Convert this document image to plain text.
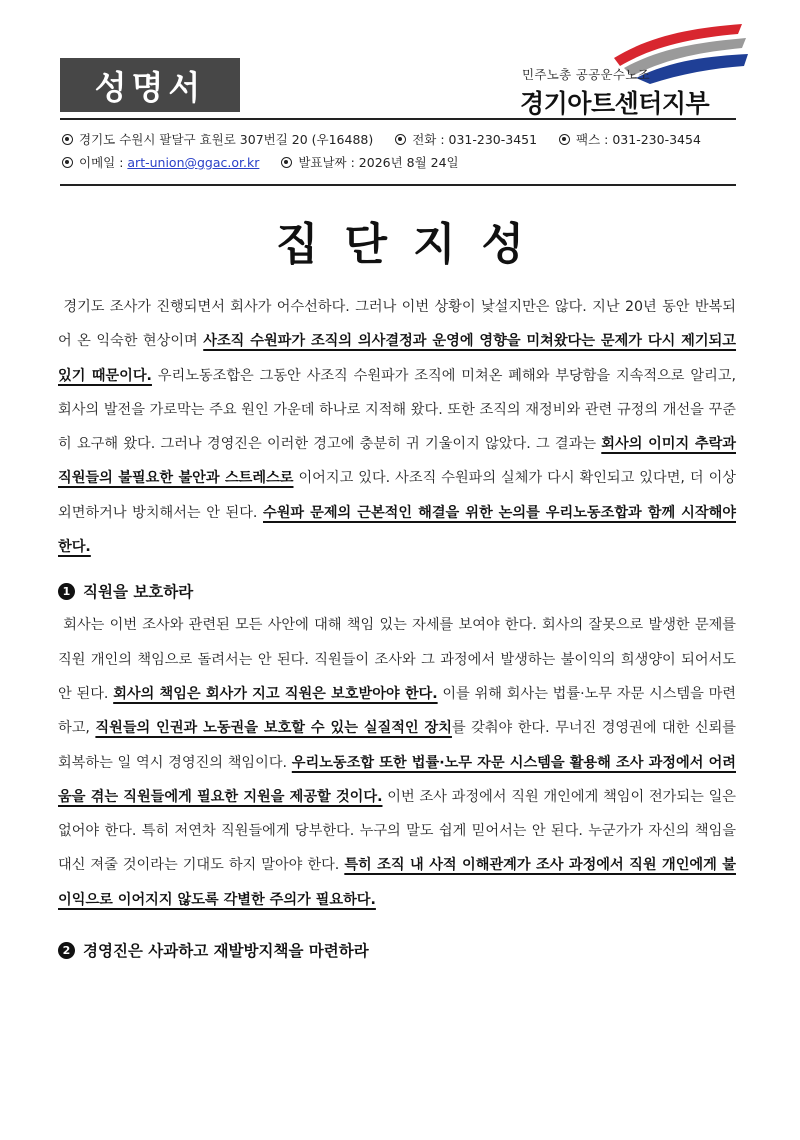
성명서	민주노총 공공운수노조
경기아트센터지부
경기도 수원시 팔달구 효원로 307번길 20 (우16488)	전화 : 031-230-3451	팩스 : 031-230-3454
이메일 : art-union@ggac.or.kr	발표날짜 : 2026년 8월 24일
집단지성

경기도 조사가 진행되면서 회사가 어수선하다. 그러나 이번 상황이 낯설지만은 않다. 지난 20년 동안 반복되어 온 익숙한 현상이며 사조직 수원파가 조직의 의사결정과 운영에 영향을 미쳐왔다는 문제가 다시 제기되고 있기 때문이다. 우리노동조합은 그동안 사조직 수원파가 조직에 미쳐온 폐해와 부당함을 지속적으로 알리고, 회사의 발전을 가로막는 주요 원인 가운데 하나로 지적해 왔다. 또한 조직의 재정비와 관련 규정의 개선을 꾸준히 요구해 왔다. 그러나 경영진은 이러한 경고에 충분히 귀 기울이지 않았다. 그 결과는 회사의 이미지 추락과 직원들의 불필요한 불안과 스트레스로 이어지고 있다. 사조직 수원파의 실체가 다시 확인되고 있다면, 더 이상 외면하거나 방치해서는 안 된다. 수원파 문제의 근본적인 해결을 위한 논의를 우리노동조합과 함께 시작해야 한다.

1 직원을 보호하라

회사는 이번 조사와 관련된 모든 사안에 대해 책임 있는 자세를 보여야 한다. 회사의 잘못으로 발생한 문제를 직원 개인의 책임으로 돌려서는 안 된다. 직원들이 조사와 그 과정에서 발생하는 불이익의 희생양이 되어서도 안 된다. 회사의 책임은 회사가 지고 직원은 보호받아야 한다. 이를 위해 회사는 법률·노무 자문 시스템을 마련하고, 직원들의 인권과 노동권을 보호할 수 있는 실질적인 장치를 갖춰야 한다. 무너진 경영권에 대한 신뢰를 회복하는 일 역시 경영진의 책임이다. 우리노동조합 또한 법률·노무 자문 시스템을 활용해 조사 과정에서 어려움을 겪는 직원들에게 필요한 지원을 제공할 것이다. 이번 조사 과정에서 직원 개인에게 책임이 전가되는 일은 없어야 한다. 특히 저연차 직원들에게 당부한다. 누구의 말도 쉽게 믿어서는 안 된다. 누군가가 자신의 책임을 대신 져줄 것이라는 기대도 하지 말아야 한다. 특히 조직 내 사적 이해관계가 조사 과정에서 직원 개인에게 불이익으로 이어지지 않도록 각별한 주의가 필요하다.

2 경영진은 사과하고 재발방지책을 마련하라
